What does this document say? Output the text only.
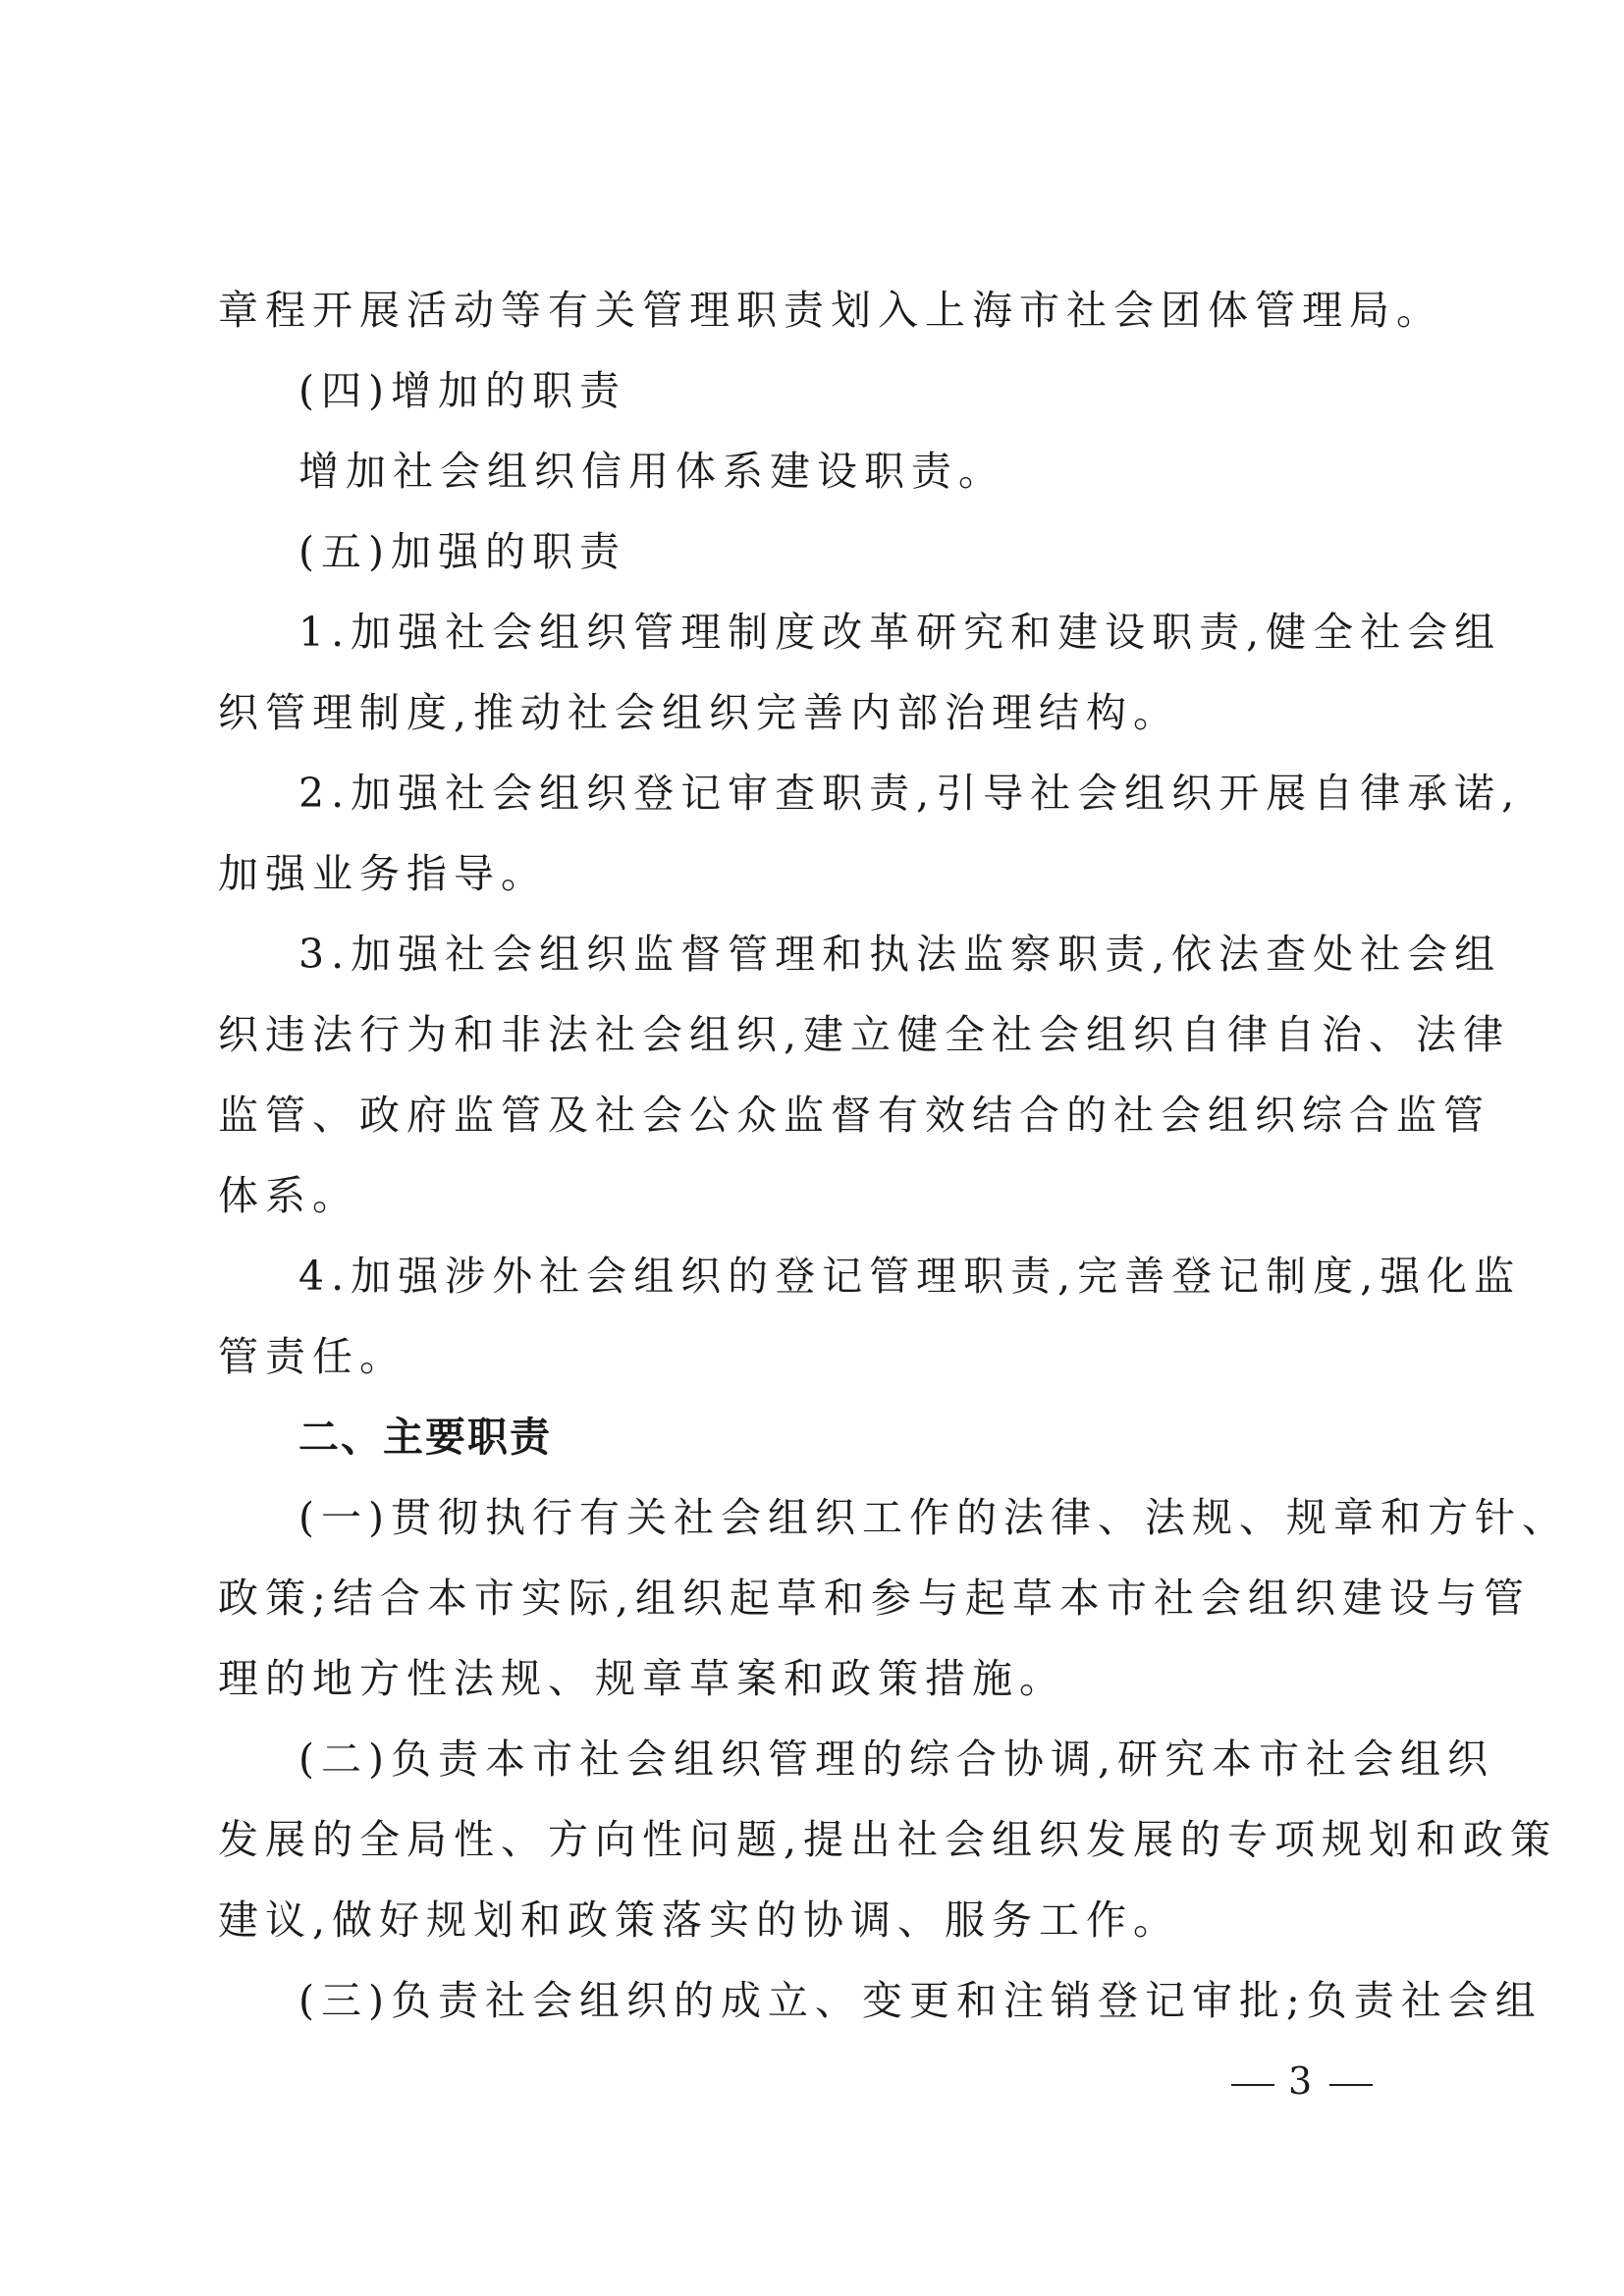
章程开展活动等有关管理职责划入上海市社会团体管理局。
(四)增加的职责
增加社会组织信用体系建设职责。
(五)加强的职责
1.加强社会组织管理制度改革研究和建设职责,健全社会组
织管理制度,推动社会组织完善内部治理结构。
2.加强社会组织登记审查职责,引导社会组织开展自律承诺,
加强业务指导。
3.加强社会组织监督管理和执法监察职责,依法查处社会组
织违法行为和非法社会组织,建立健全社会组织自律自治、法律
监管、政府监管及社会公众监督有效结合的社会组织综合监管
体系。
4.加强涉外社会组织的登记管理职责,完善登记制度,强化监
管责任。
二、主要职责
(一)贯彻执行有关社会组织工作的法律、法规、规章和方针、
政策;结合本市实际,组织起草和参与起草本市社会组织建设与管
理的地方性法规、规章草案和政策措施。
(二)负责本市社会组织管理的综合协调,研究本市社会组织
发展的全局性、方向性问题,提出社会组织发展的专项规划和政策
建议,做好规划和政策落实的协调、服务工作。
(三)负责社会组织的成立、变更和注销登记审批;负责社会组
3
